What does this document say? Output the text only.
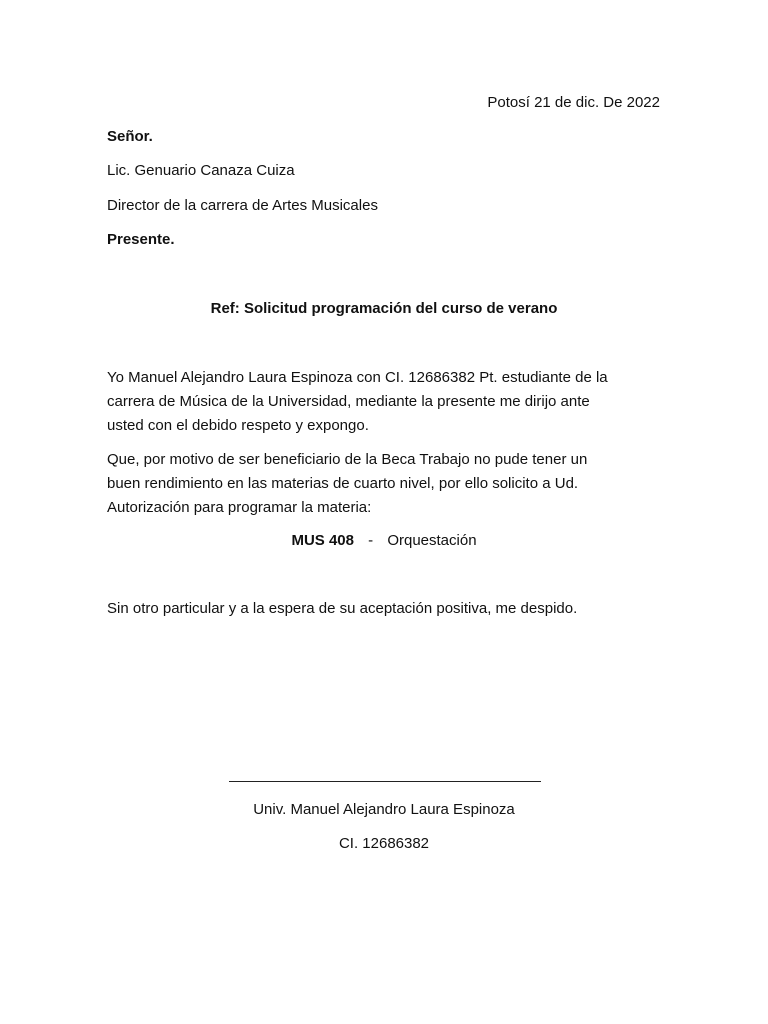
Potosí 21 de dic. De 2022
Señor.
Lic. Genuario Canaza Cuiza
Director de la carrera de Artes Musicales
Presente.
Ref: Solicitud programación del curso de verano
Yo Manuel Alejandro Laura Espinoza con CI. 12686382 Pt. estudiante de la
carrera de Música de la Universidad, mediante la presente me dirijo ante
usted con el debido respeto y expongo.
Que, por motivo de ser beneficiario de la Beca Trabajo no pude tener un
buen rendimiento en las materias de cuarto nivel, por ello solicito a Ud.
Autorización para programar la materia:
MUS 408 - Orquestación
Sin otro particular y a la espera de su aceptación positiva, me despido.
Univ. Manuel Alejandro Laura Espinoza
CI. 12686382
